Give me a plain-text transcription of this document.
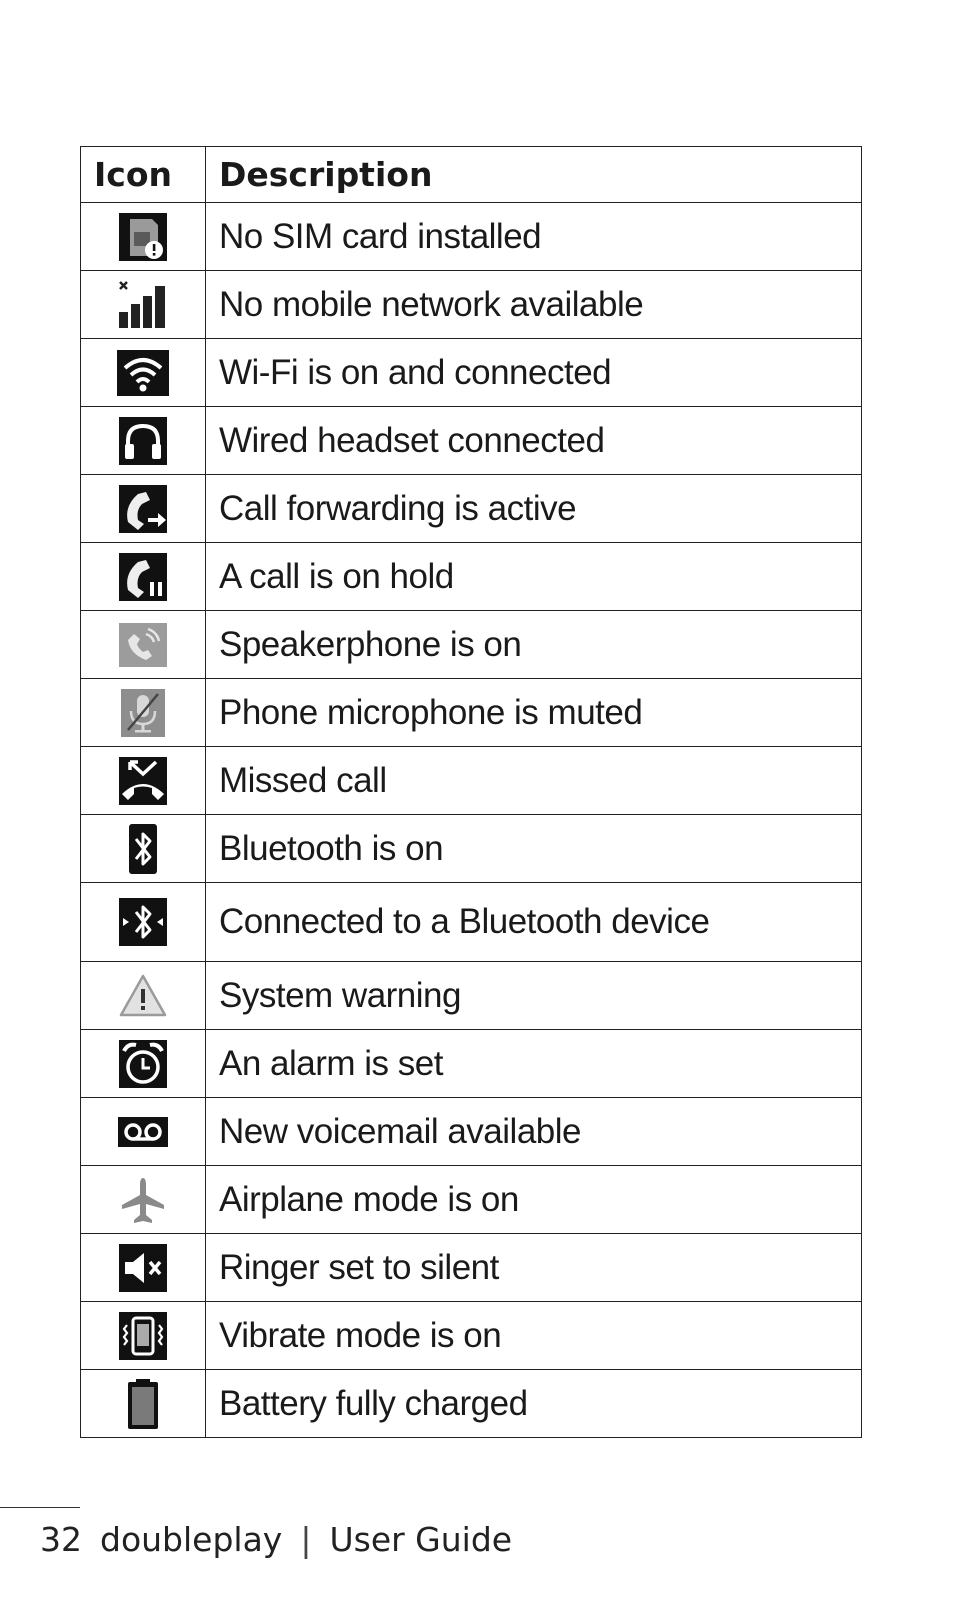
Icon	Description

	No SIM card installed

	No mobile network available

	Wi-Fi is on and connected

	Wired headset connected

	Call forwarding is active

	A call is on hold

	Speakerphone is on

	Phone microphone is muted

	Missed call

	Bluetooth is on

	Connected to a Bluetooth device

	System warning

	An alarm is set

	New voicemail available

	Airplane mode is on

	Ringer set to silent

	Vibrate mode is on

	Battery fully charged
32 doubleplay | User Guide
